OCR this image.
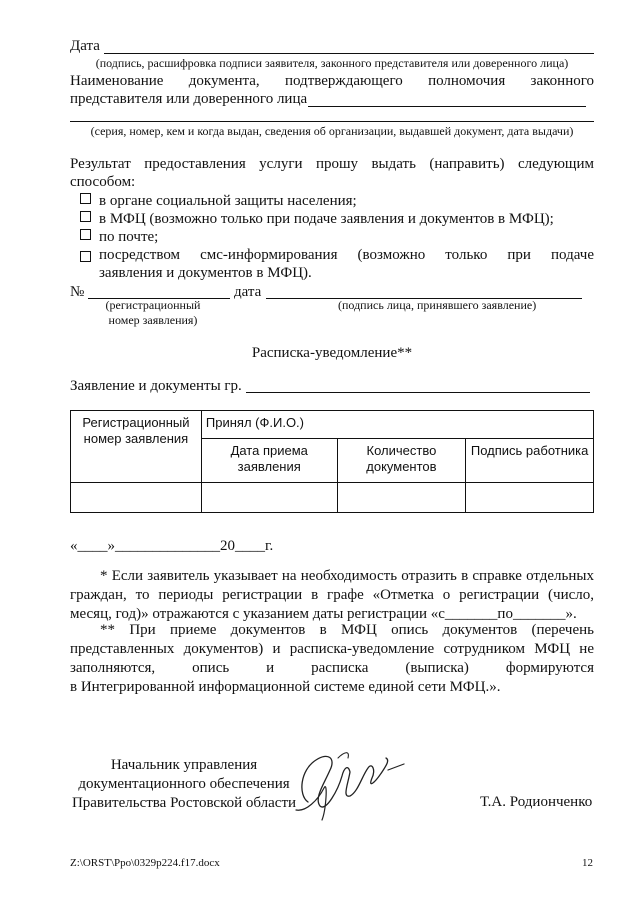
Дата
(подпись, расшифровка подписи заявителя, законного представителя или доверенного лица)
Наименование документа, подтверждающего полномочия законного
представителя или доверенного лица
(серия, номер, кем и когда выдан, сведения об организации, выдавшей документ, дата выдачи)
Результат предоставления услуги прошу выдать (направить) следующим
способом:
в органе социальной защиты населения;
в МФЦ (возможно только при подаче заявления и документов в МФЦ);
по почте;
посредством смс-информирования (возможно только при подаче
заявления и документов в МФЦ).
№	дата
(регистрационный
номер заявления)
(подпись лица, принявшего заявление)
Расписка-уведомление**
Заявление и документы гр.
Регистрационный номер заявления	Принял (Ф.И.О.)		
	Дата приема заявления	Количество документов	Подпись работника

«____»______________20____г.
* Если заявитель указывает на необходимость отразить в справке отдельных
граждан, то периоды регистрации в графе «Отметка о регистрации (число,
месяц, год)» отражаются с указанием даты регистрации «с_______по_______».
** При приеме документов в МФЦ опись документов (перечень
представленных документов) и расписка-уведомление сотрудником МФЦ не
заполняются, опись и расписка (выписка) формируются
в Интегрированной информационной системе единой сети МФЦ.».
Начальник управления
документационного обеспечения
Правительства Ростовской области	Т.А. Родионченко
Z:\ORST\Ppo\0329p224.f17.docx	12
